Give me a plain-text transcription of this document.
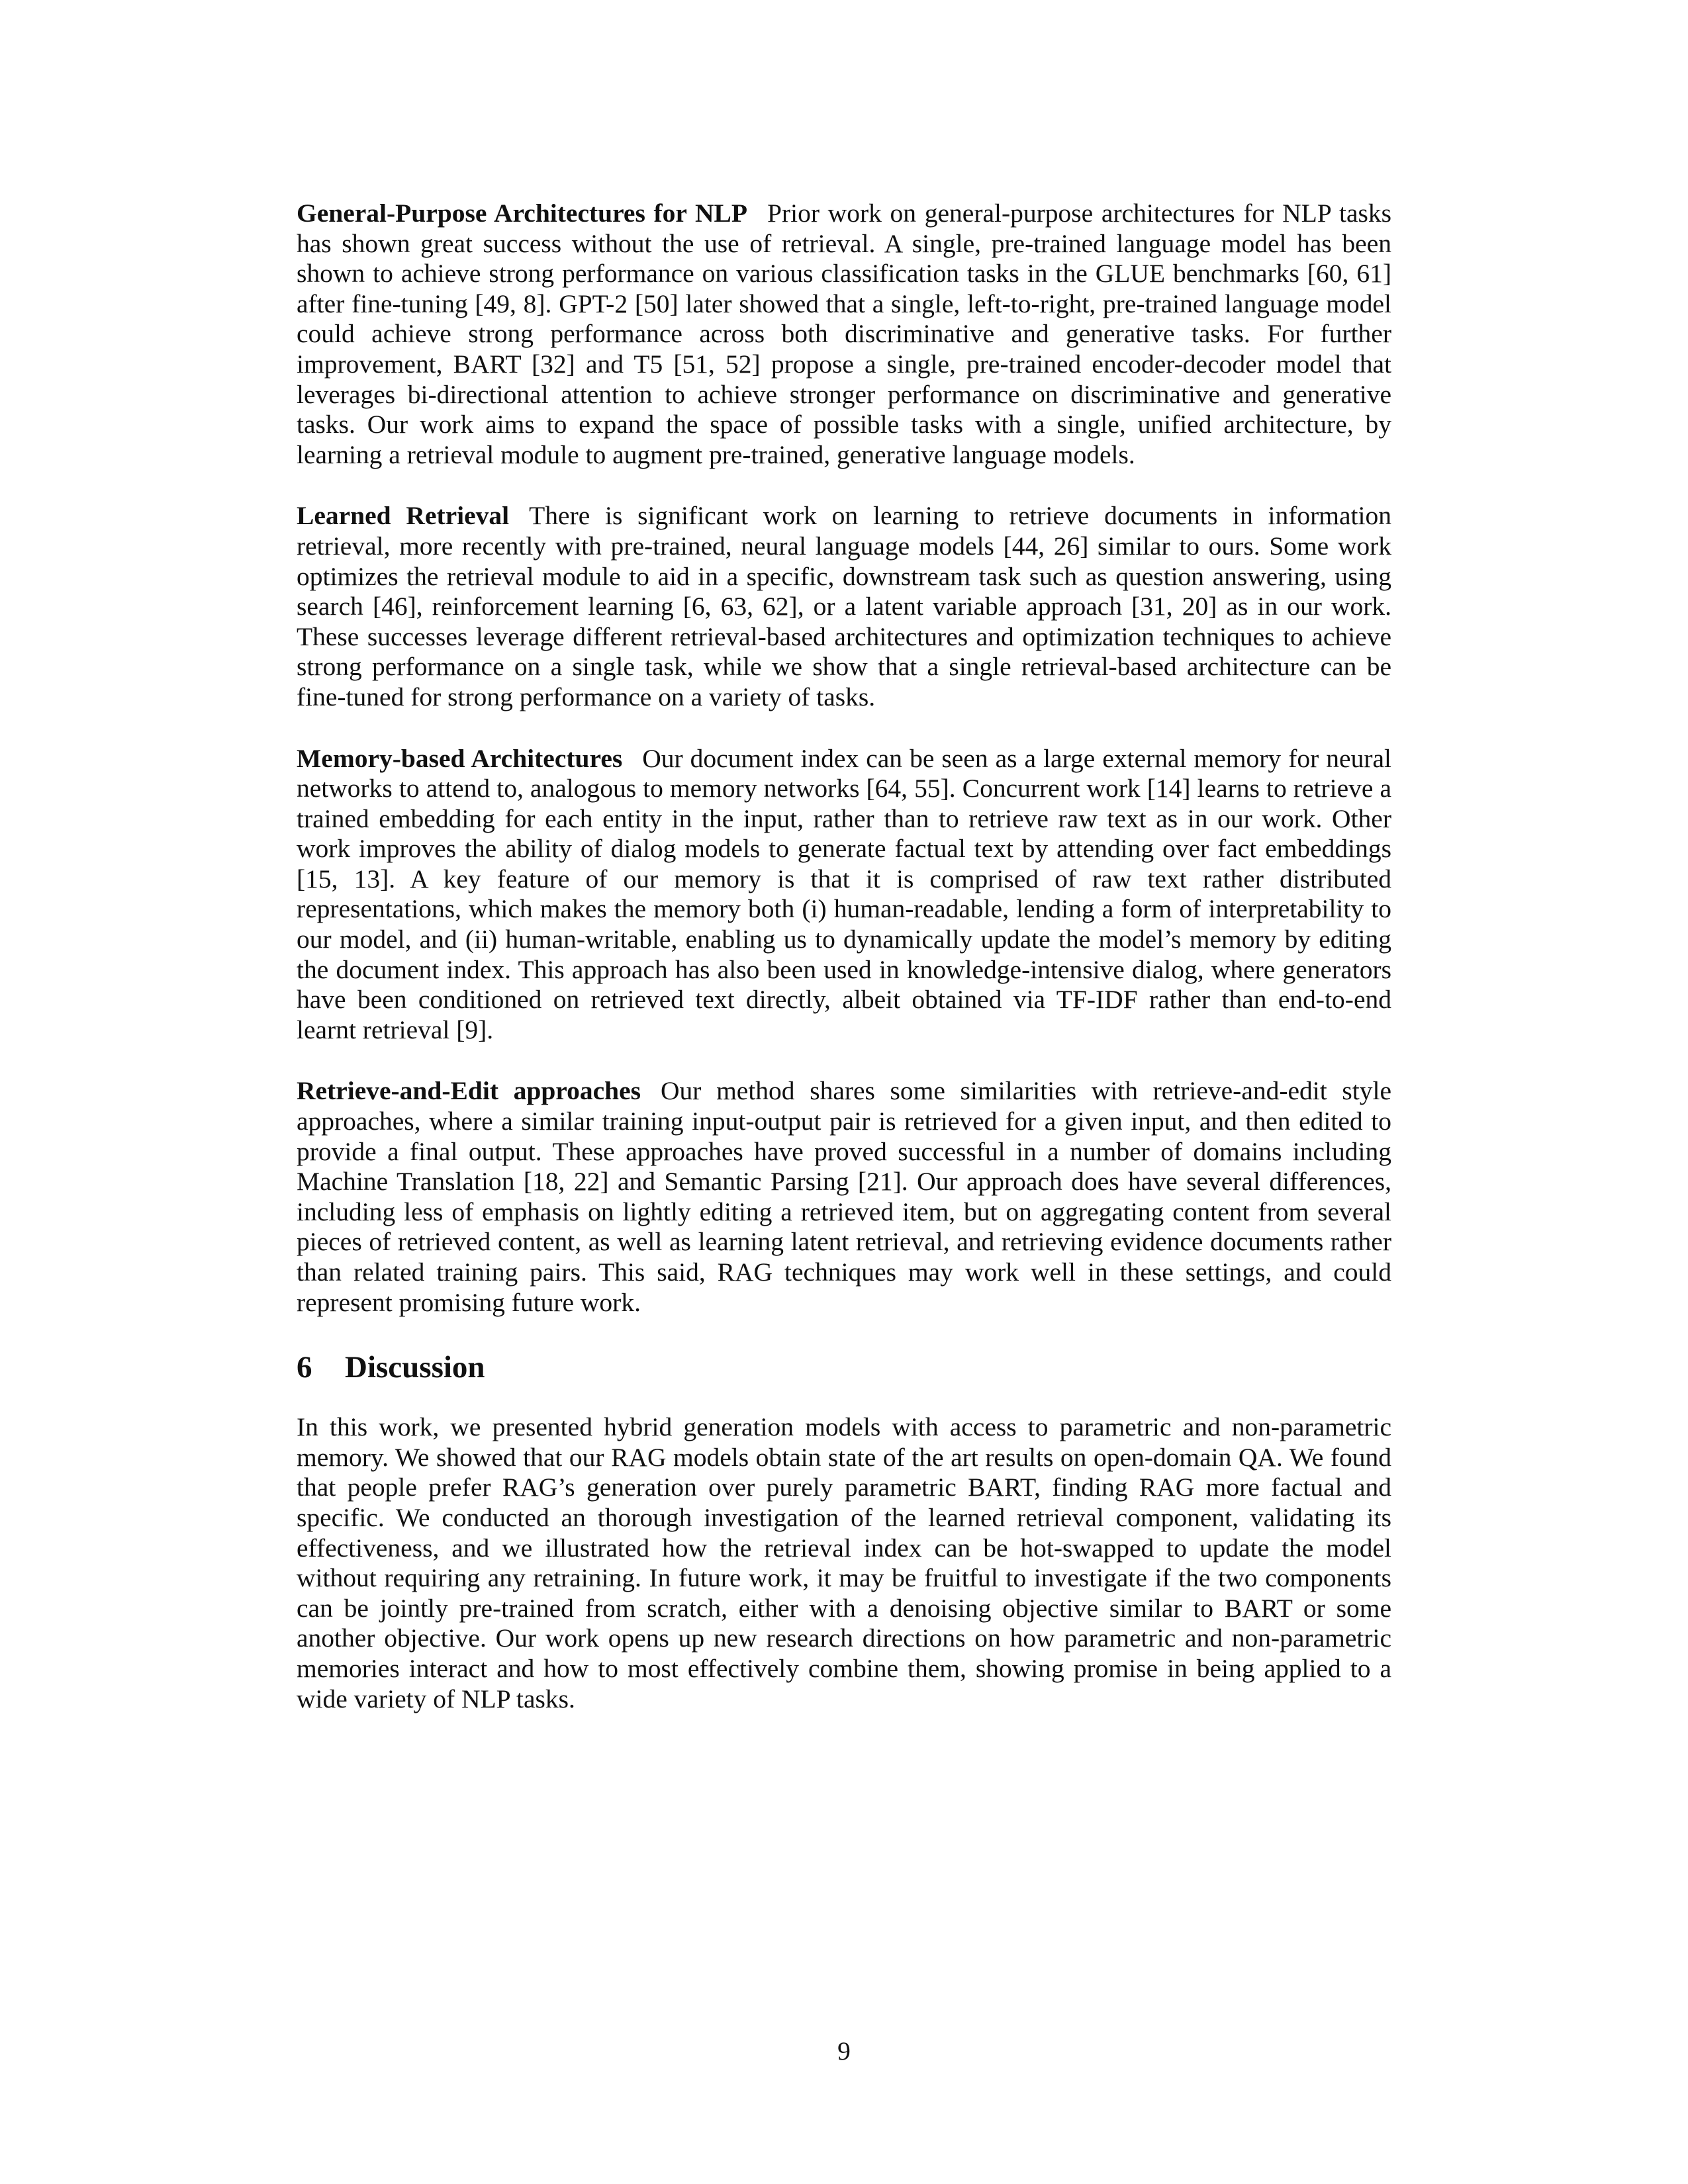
General-Purpose Architectures for NLP Prior work on general-purpose architectures for NLP tasks has shown great success without the use of retrieval. A single, pre-trained language model has been shown to achieve strong performance on various classification tasks in the GLUE benchmarks [60, 61] after fine-tuning [49, 8]. GPT-2 [50] later showed that a single, left-to-right, pre-trained language model could achieve strong performance across both discriminative and generative tasks. For further improvement, BART [32] and T5 [51, 52] propose a single, pre-trained encoder-decoder model that leverages bi-directional attention to achieve stronger performance on discriminative and generative tasks. Our work aims to expand the space of possible tasks with a single, unified architecture, by learning a retrieval module to augment pre-trained, generative language models.

Learned Retrieval There is significant work on learning to retrieve documents in information retrieval, more recently with pre-trained, neural language models [44, 26] similar to ours. Some work optimizes the retrieval module to aid in a specific, downstream task such as question answering, using search [46], reinforcement learning [6, 63, 62], or a latent variable approach [31, 20] as in our work. These successes leverage different retrieval-based architectures and optimization techniques to achieve strong performance on a single task, while we show that a single retrieval-based architecture can be fine-tuned for strong performance on a variety of tasks.

Memory-based Architectures Our document index can be seen as a large external memory for neural networks to attend to, analogous to memory networks [64, 55]. Concurrent work [14] learns to retrieve a trained embedding for each entity in the input, rather than to retrieve raw text as in our work. Other work improves the ability of dialog models to generate factual text by attending over fact embeddings [15, 13]. A key feature of our memory is that it is comprised of raw text rather distributed representations, which makes the memory both (i) human-readable, lending a form of interpretability to our model, and (ii) human-writable, enabling us to dynamically update the model’s memory by editing the document index. This approach has also been used in knowledge-intensive dialog, where generators have been conditioned on retrieved text directly, albeit obtained via TF-IDF rather than end-to-end learnt retrieval [9].

Retrieve-and-Edit approaches Our method shares some similarities with retrieve-and-edit style approaches, where a similar training input-output pair is retrieved for a given input, and then edited to provide a final output. These approaches have proved successful in a number of domains including Machine Translation [18, 22] and Semantic Parsing [21]. Our approach does have several differences, including less of emphasis on lightly editing a retrieved item, but on aggregating content from several pieces of retrieved content, as well as learning latent retrieval, and retrieving evidence documents rather than related training pairs. This said, RAG techniques may work well in these settings, and could represent promising future work.

6 Discussion

In this work, we presented hybrid generation models with access to parametric and non-parametric memory. We showed that our RAG models obtain state of the art results on open-domain QA. We found that people prefer RAG’s generation over purely parametric BART, finding RAG more factual and specific. We conducted an thorough investigation of the learned retrieval component, validating its effectiveness, and we illustrated how the retrieval index can be hot-swapped to update the model without requiring any retraining. In future work, it may be fruitful to investigate if the two components can be jointly pre-trained from scratch, either with a denoising objective similar to BART or some another objective. Our work opens up new research directions on how parametric and non-parametric memories interact and how to most effectively combine them, showing promise in being applied to a wide variety of NLP tasks.

9
